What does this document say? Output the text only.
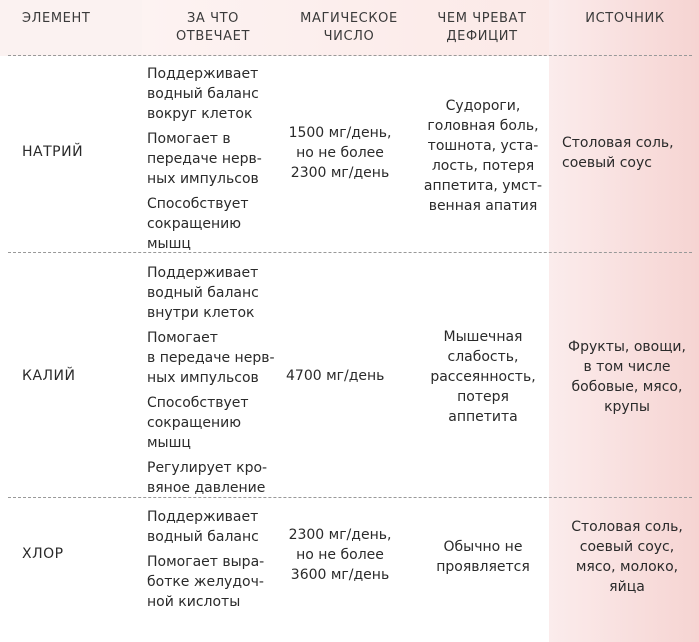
ЭЛЕМЕНТ	ЗА ЧТО
ОТВЕЧАЕТ
МАГИЧЕСКОЕ
ЧИСЛО
ЧЕМ ЧРЕВАТ
ДЕФИЦИТ
ИСТОЧНИК
НАТРИЙ
Поддерживает
водный баланс
вокруг клеток
Помогает в
передаче нерв-
ных импульсов
Способствует
сокращению
мышц
1500 мг/день,
но не более
2300 мг/день
Судороги,
головная боль,
тошнота, уста-
лость, потеря
аппетита, умст-
венная апатия
Столовая соль,
соевый соус
КАЛИЙ
Поддерживает
водный баланс
внутри клеток
Помогает
в передаче нерв-
ных импульсов
Способствует
сокращению
мышц
Регулирует кро-
вяное давление
4700 мг/день
Мышечная
слабость,
рассеянность,
потеря
аппетита
Фрукты, овощи,
в том числе
бобовые, мясо,
крупы
ХЛОР
Поддерживает
водный баланс
Помогает выра-
ботке желудоч-
ной кислоты
2300 мг/день,
но не более
3600 мг/день
Обычно не
проявляется
Столовая соль,
соевый соус,
мясо, молоко,
яйца
